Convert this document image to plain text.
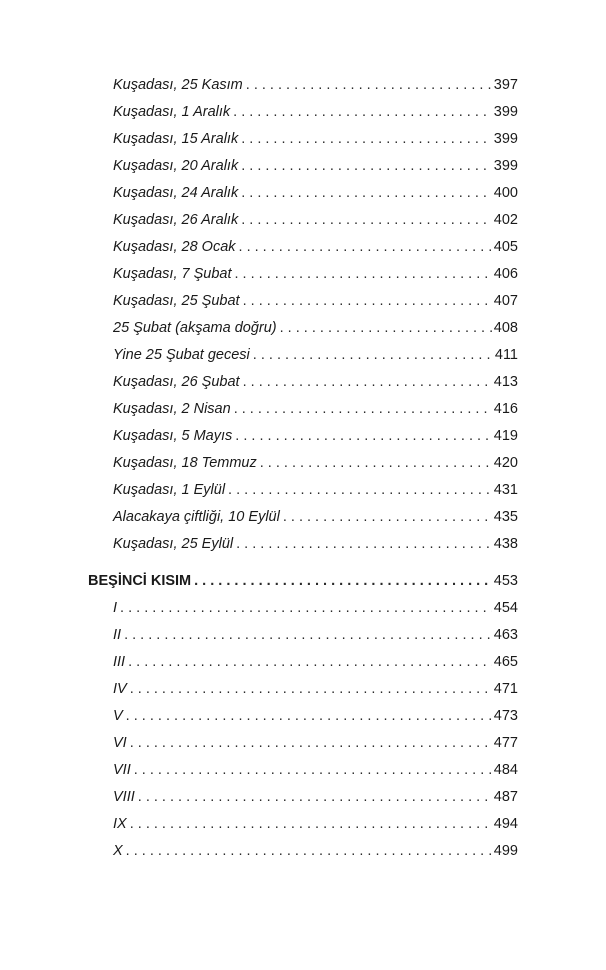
Kuşadası, 25 Kasım . . .	397
Kuşadası, 1 Aralık . . .	399
Kuşadası, 15 Aralık . . .	399
Kuşadası, 20 Aralık . . .	399
Kuşadası, 24 Aralık . . .	400
Kuşadası, 26 Aralık . . .	402
Kuşadası, 28 Ocak . . .	405
Kuşadası, 7 Şubat . . .	406
Kuşadası, 25 Şubat . . .	407
25 Şubat (akşama doğru) . . .	408
Yine 25 Şubat gecesi . . .	411
Kuşadası, 26 Şubat . . .	413
Kuşadası, 2 Nisan . . .	416
Kuşadası, 5 Mayıs . . .	419
Kuşadası, 18 Temmuz . . .	420
Kuşadası, 1 Eylül . . .	431
Alacakaya çiftliği, 10 Eylül . . .	435
Kuşadası, 25 Eylül . . .	438
BEŞİNCİ KISIM . . .	453
I . . .	454
II . . .	463
III . . .	465
IV . . .	471
V . . .	473
VI . . .	477
VII . . .	484
VIII . . .	487
IX . . .	494
X . . .	499
